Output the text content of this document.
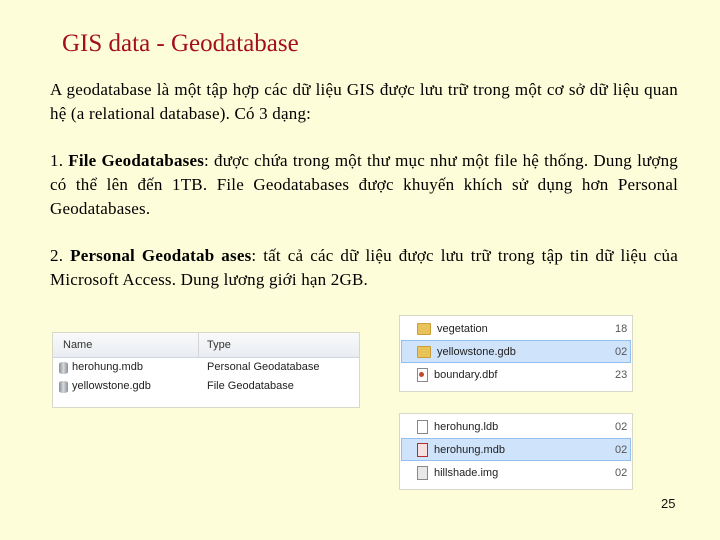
GIS data - Geodatabase
A geodatabase là một tập hợp các dữ liệu GIS được lưu trữ trong một cơ sở dữ liệu quan hệ (a relational database). Có 3 dạng:
1. File Geodatabases: được chứa trong một thư mục như một file hệ thống. Dung lượng có thể lên đến 1TB. File Geodatabases được khuyến khích sử dụng hơn Personal Geodatabases.
2. Personal Geodatab ases: tất cả các dữ liệu được lưu trữ trong tập tin dữ liệu của Microsoft Access. Dung lương giới hạn 2GB.
Name	Type
herohung.mdb	Personal Geodatabase
yellowstone.gdb	File Geodatabase
vegetation	18
yellowstone.gdb	02
boundary.dbf	23
herohung.ldb	02
herohung.mdb	02
hillshade.img	02
25
